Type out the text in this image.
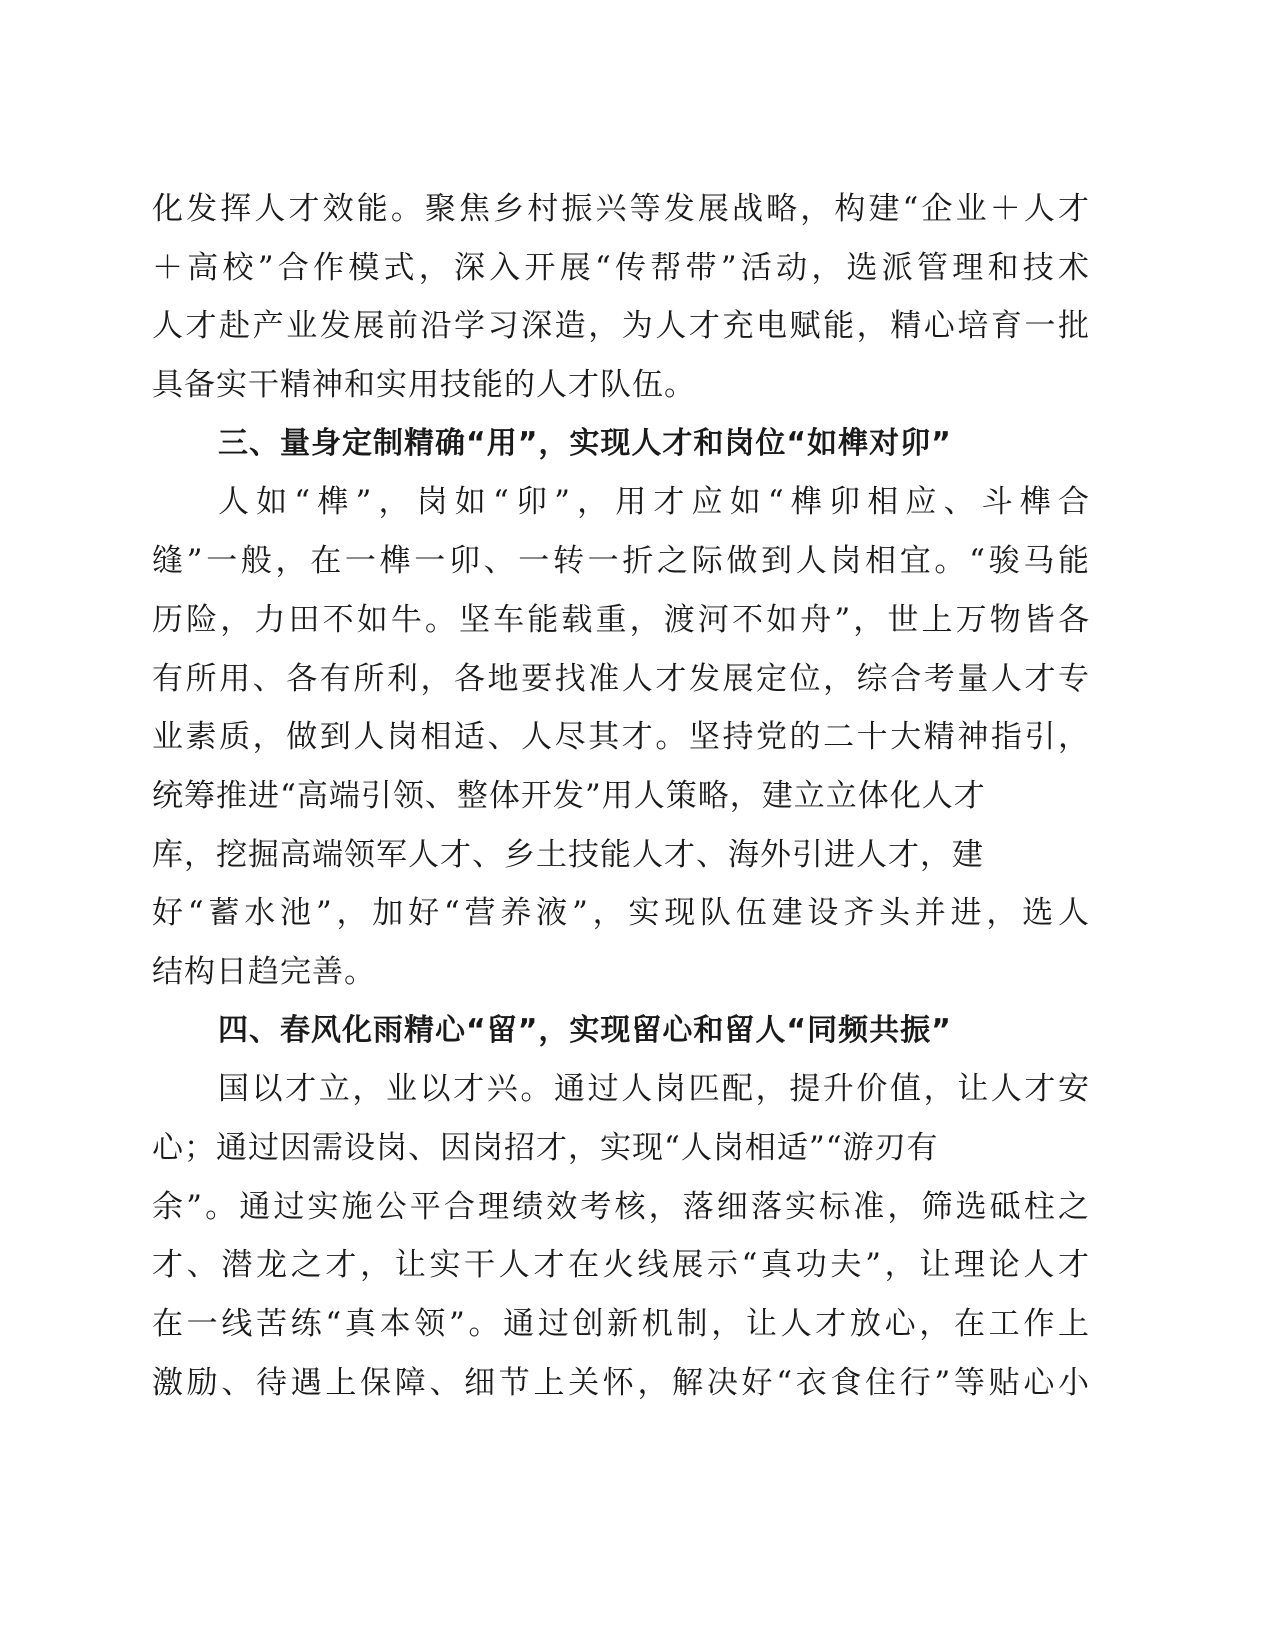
化发挥人才效能。聚焦乡村振兴等发展战略，构建“企业＋人才
＋高校”合作模式，深入开展“传帮带”活动，选派管理和技术
人才赴产业发展前沿学习深造，为人才充电赋能，精心培育一批
具备实干精神和实用技能的人才队伍。
三、量身定制精确“用”，实现人才和岗位“如榫对卯”
人如“榫”，岗如“卯”，用才应如“榫卯相应、斗榫合
缝”一般，在一榫一卯、一转一折之际做到人岗相宜。“骏马能
历险，力田不如牛。坚车能载重，渡河不如舟”，世上万物皆各
有所用、各有所利，各地要找准人才发展定位，综合考量人才专
业素质，做到人岗相适、人尽其才。坚持党的二十大精神指引，
统筹推进“高端引领、整体开发”用人策略，建立立体化人才
库，挖掘高端领军人才、乡土技能人才、海外引进人才，建
好“蓄水池”，加好“营养液”，实现队伍建设齐头并进，选人
结构日趋完善。
四、春风化雨精心“留”，实现留心和留人“同频共振”
国以才立，业以才兴。通过人岗匹配，提升价值，让人才安
心；通过因需设岗、因岗招才，实现“人岗相适”“游刃有
余”。通过实施公平合理绩效考核，落细落实标准，筛选砥柱之
才、潜龙之才，让实干人才在火线展示“真功夫”，让理论人才
在一线苦练“真本领”。通过创新机制，让人才放心，在工作上
激励、待遇上保障、细节上关怀，解决好“衣食住行”等贴心小
